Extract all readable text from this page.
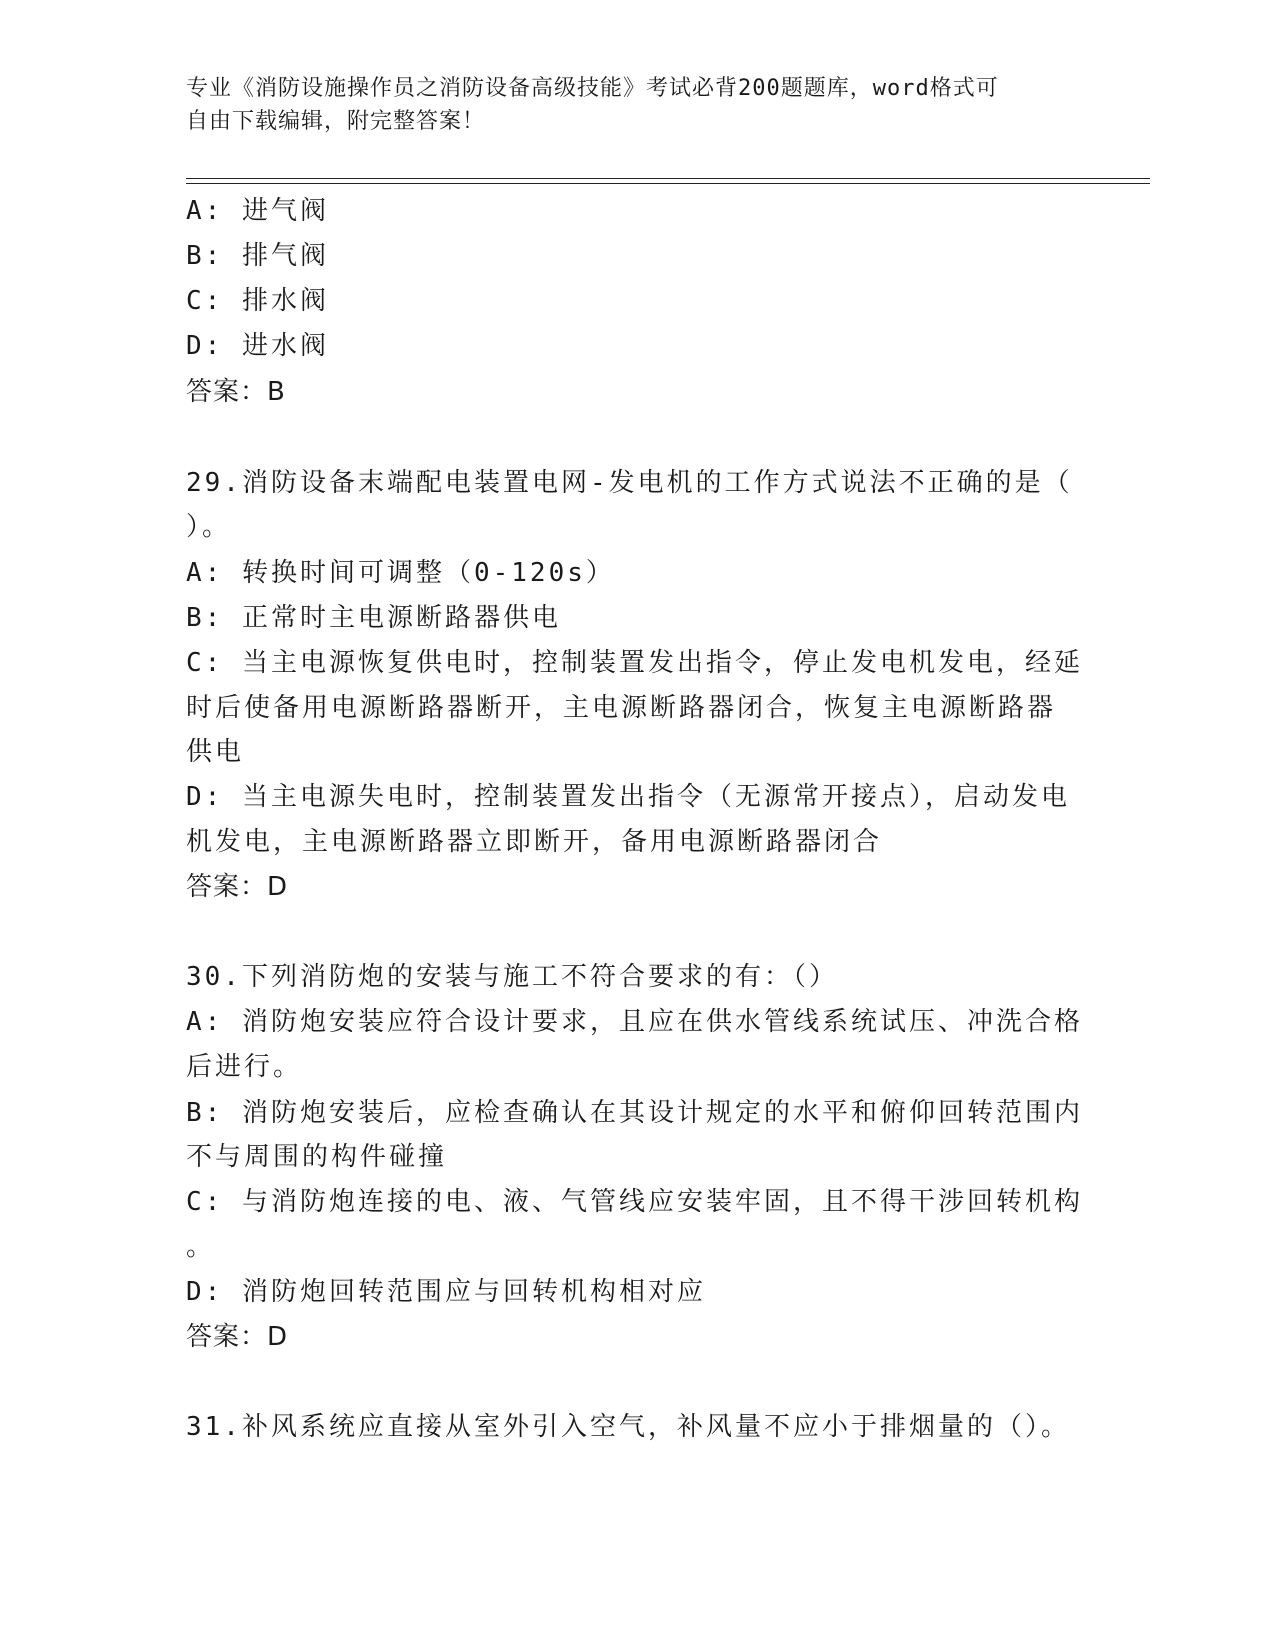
专业《消防设施操作员之消防设备高级技能》考试必背200题题库，word格式可
自由下载编辑，附完整答案！
A: 进气阀
B: 排气阀
C: 排水阀
D: 进水阀
答案：B
29.消防设备末端配电装置电网-发电机的工作方式说法不正确的是（
）。
A: 转换时间可调整（0-120s）
B: 正常时主电源断路器供电
C: 当主电源恢复供电时，控制装置发出指令，停止发电机发电，经延
时后使备用电源断路器断开，主电源断路器闭合，恢复主电源断路器
供电
D: 当主电源失电时，控制装置发出指令（无源常开接点），启动发电
机发电，主电源断路器立即断开，备用电源断路器闭合
答案：D
30.下列消防炮的安装与施工不符合要求的有：（）
A: 消防炮安装应符合设计要求，且应在供水管线系统试压、冲洗合格
后进行。
B: 消防炮安装后，应检查确认在其设计规定的水平和俯仰回转范围内
不与周围的构件碰撞
C: 与消防炮连接的电、液、气管线应安装牢固，且不得干涉回转机构
。
D: 消防炮回转范围应与回转机构相对应
答案：D
31.补风系统应直接从室外引入空气，补风量不应小于排烟量的（）。
